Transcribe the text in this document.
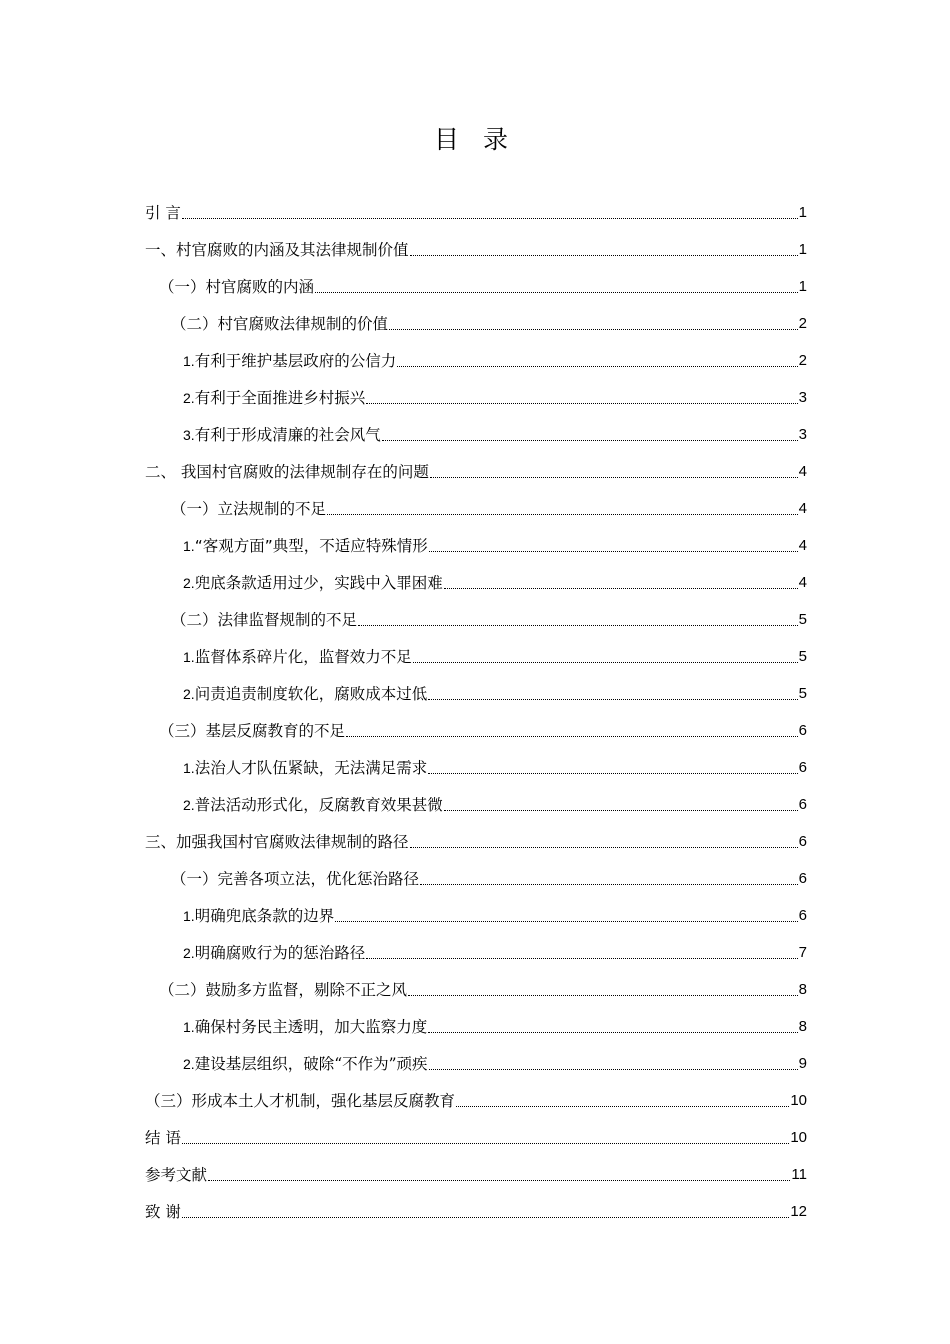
目 录
引 言	1
一、村官腐败的内涵及其法律规制价值	1
（一）村官腐败的内涵	1
（二）村官腐败法律规制的价值	2
1.有利于维护基层政府的公信力	2
2.有利于全面推进乡村振兴	3
3.有利于形成清廉的社会风气	3
二、 我国村官腐败的法律规制存在的问题	4
（一）立法规制的不足	4
1.“客观方面”典型，不适应特殊情形	4
2.兜底条款适用过少，实践中入罪困难	4
（二）法律监督规制的不足	5
1.监督体系碎片化，监督效力不足	5
2.问责追责制度软化，腐败成本过低	5
（三）基层反腐教育的不足	6
1.法治人才队伍紧缺，无法满足需求	6
2.普法活动形式化，反腐教育效果甚微	6
三、加强我国村官腐败法律规制的路径	6
（一）完善各项立法，优化惩治路径	6
1.明确兜底条款的边界	6
2.明确腐败行为的惩治路径	7
（二）鼓励多方监督，剔除不正之风	8
1.确保村务民主透明，加大监察力度	8
2.建设基层组织，破除“不作为”顽疾	9
（三）形成本土人才机制，强化基层反腐教育	10
结 语	10
参考文献	11
致 谢	12
